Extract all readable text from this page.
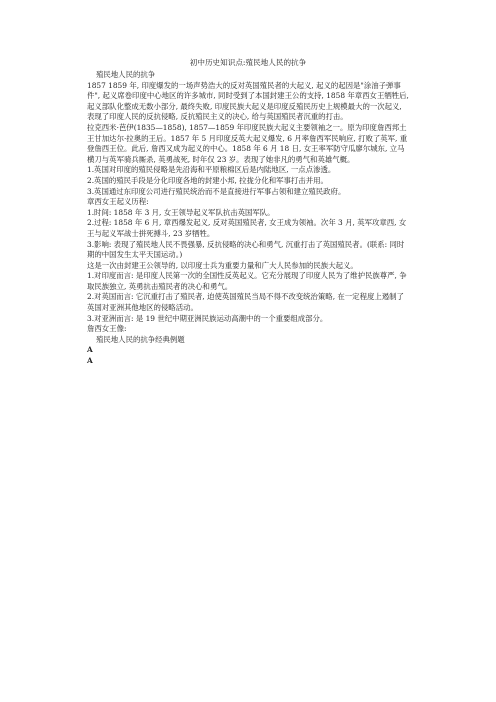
初中历史知识点:殖民地人民的抗争

殖民地人民的抗争

1857 1859 年, 印度爆发的一场声势浩大的反对英国殖民者的大起义, 起义的起因是"涂油子弹事件", 起义席卷印度中心地区的许多城市, 同时受到了本国封建王公的支持, 1858 年章西女王牺牲后, 起义部队化整成无数小部分, 最终失败, 印度民族大起义是印度反殖民历史上规模最大的一次起义, 表现了印度人民的反抗侵略, 反抗殖民主义的决心, 给与英国殖民者沉重的打击。

拉克西米·芭伊(1835—1858), 1857—1859 年印度民族大起义主要领袖之一。原为印度詹西邦土王甘加达尔·拉奥的王后。1857 年 5 月印度反英大起义爆发, 6 月率詹西军民响应, 打败了英军, 重登詹西王位。此后, 詹西又成为起义的中心。1858 年 6 月 18 日, 女王率军防守瓜廖尔城东, 立马横刀与英军骑兵厮杀, 英勇战死, 时年仅 23 岁。表现了她非凡的勇气和英雄气概。

1.英国对印度的殖民侵略是先沿海和平原粮棉区后是内陆地区, 一点点渗透。

2.英国的殖民手段是分化印度各地的封建小邦, 拉拢分化和军事打击并用。

3.英国通过东印度公司进行殖民统治而不是直接进行军事占领和建立殖民政府。

章西女王起义历程:

1.时间: 1858 年 3 月, 女王领导起义军队抗击英国军队。

2.过程: 1858 年 6 月, 章西爆发起义, 反对英国殖民者, 女王成为领袖。次年 3 月, 英军攻章西, 女王与起义军战士拼死搏斗, 23 岁牺牲。

3.影响: 表现了殖民地人民不畏强暴, 反抗侵略的决心和勇气, 沉重打击了英国殖民者。(联系: 同时期的中国发生太平天国运动。)

这是一次由封建王公领导的, 以印度士兵为重要力量和广大人民参加的民族大起义。

1.对印度而言: 是印度人民第一次的全国性反英起义。它充分展现了印度人民为了维护民族尊严, 争取民族独立, 英勇抗击殖民者的决心和勇气。

2.对英国而言: 它沉重打击了殖民者, 迫使英国殖民当局不得不改变统治策略, 在一定程度上遏制了英国对亚洲其他地区的侵略活动。

3.对亚洲而言: 是 19 世纪中期亚洲民族运动高潮中的一个重要组成部分。

詹西女王像:

殖民地人民的抗争经典例题

A

A
